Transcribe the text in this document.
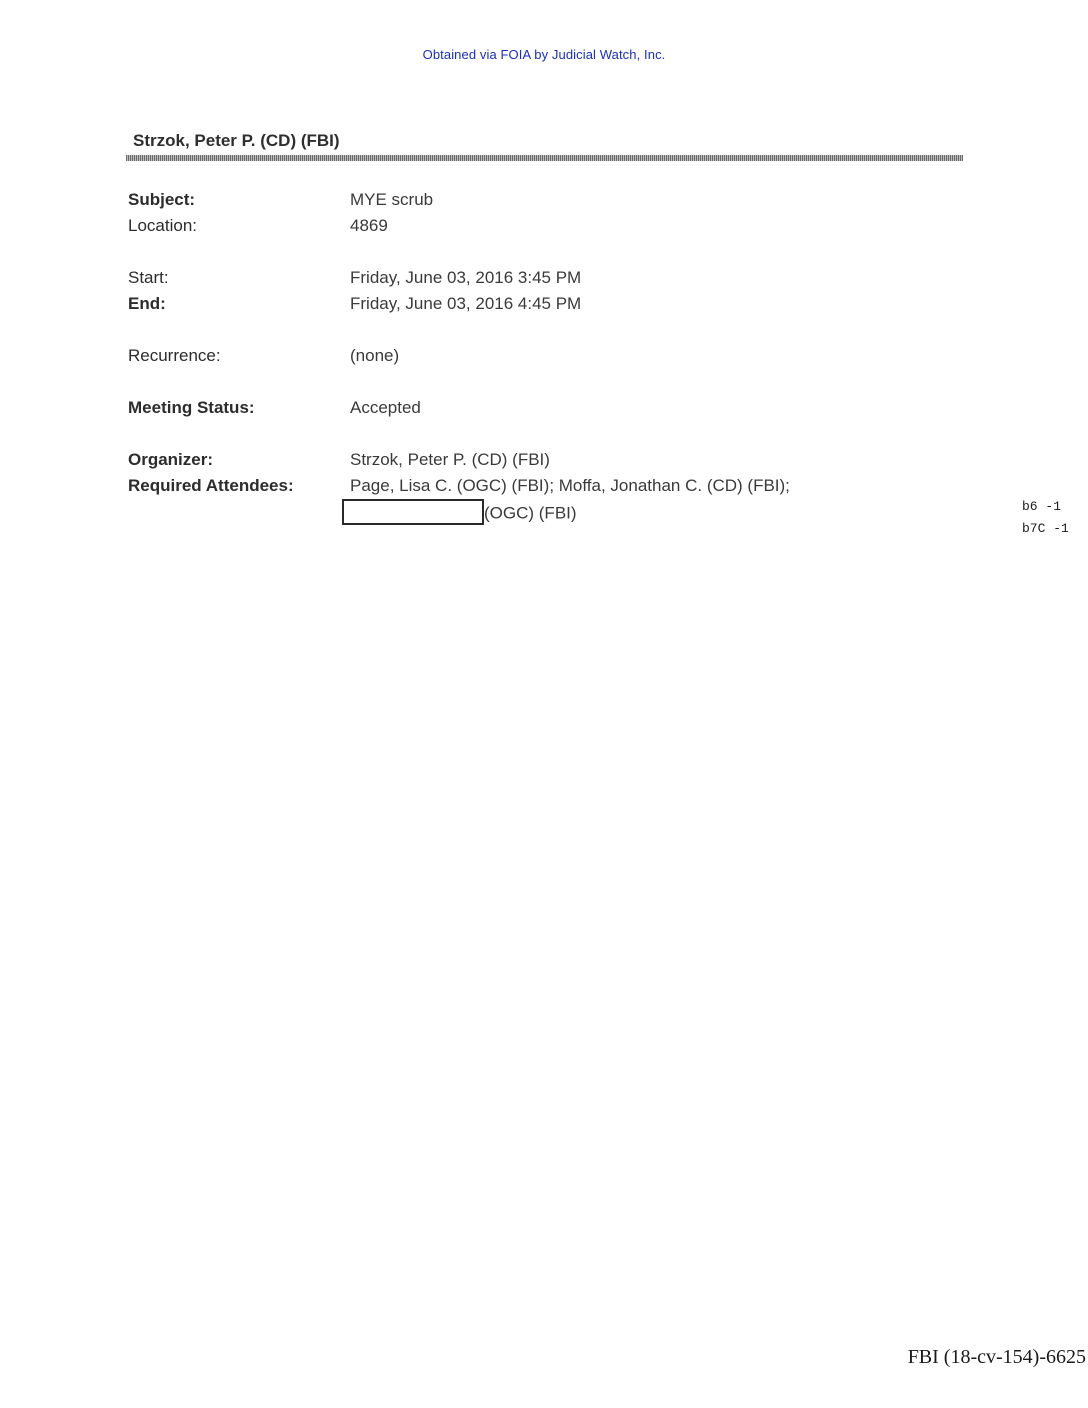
Obtained via FOIA by Judicial Watch, Inc.
Strzok, Peter P. (CD) (FBI)
Subject:	MYE scrub
Location:	4869
Start:	Friday, June 03, 2016 3:45 PM
End:	Friday, June 03, 2016 4:45 PM
Recurrence:	(none)
Meeting Status:	Accepted
Organizer:	Strzok, Peter P. (CD) (FBI)
Required Attendees:	Page, Lisa C. (OGC) (FBI); Moffa, Jonathan C. (CD) (FBI);
(OGC) (FBI)	b6 -1
b7C -1
FBI (18-cv-154)-6625
